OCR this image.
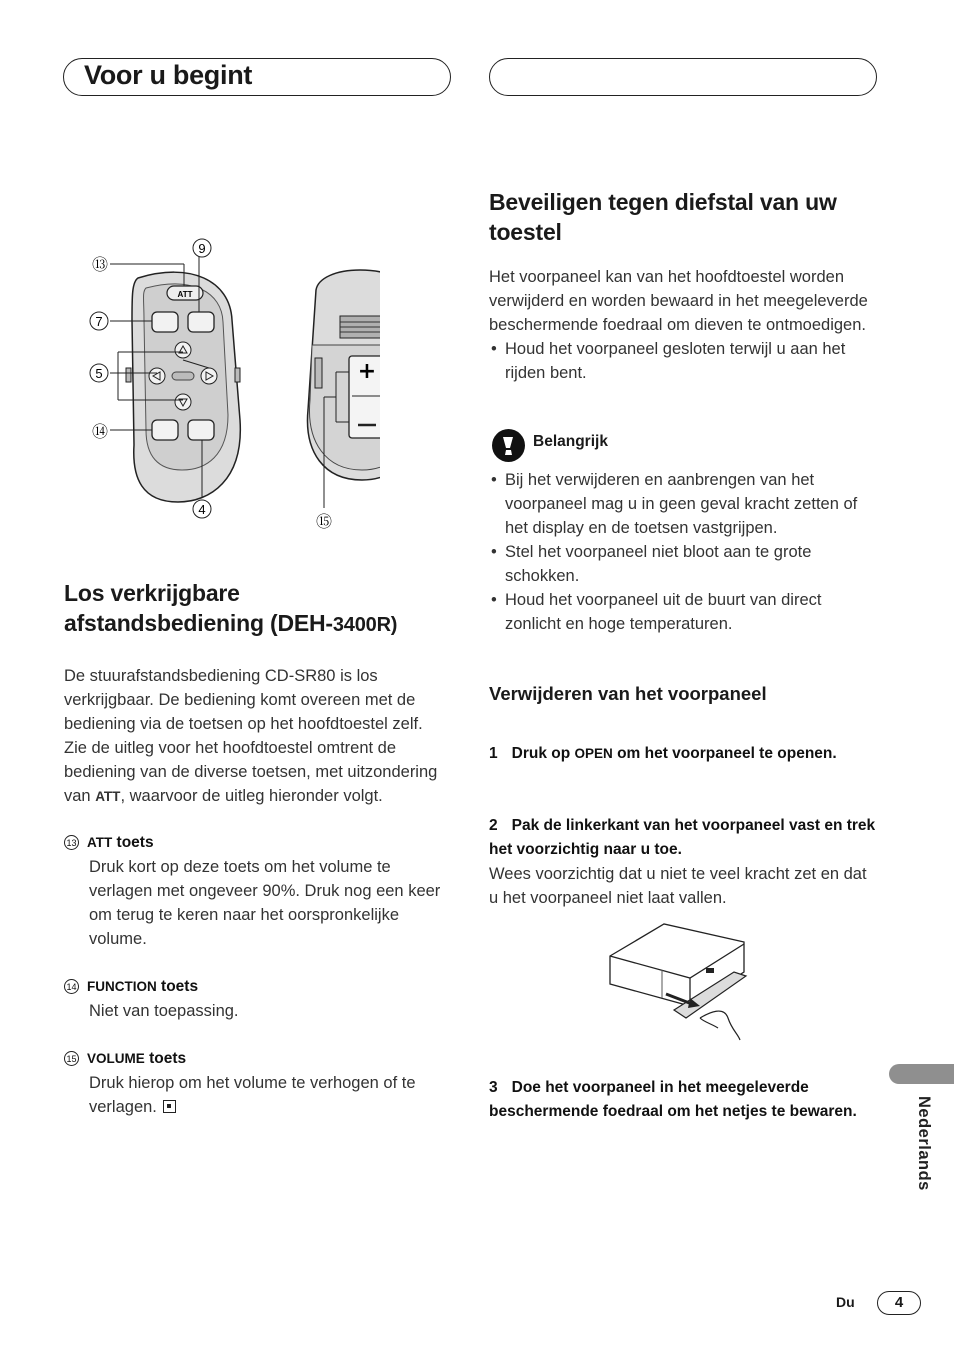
Voor u begint
ATT
⑬
9
7
5
⑭
4
+
⑮
Los verkrijgbare
afstandsbediening (DEH-3400R)
De stuurafstandsbediening CD-SR80 is los verkrijgbaar. De bediening komt overeen met de bediening via de toetsen op het hoofdtoestel zelf. Zie de uitleg voor het hoofdtoestel omtrent de bediening van de diverse toetsen, met uitzondering van ATT, waarvoor de uitleg hieronder volgt.
13 ATT toets
Druk kort op deze toets om het volume te verlagen met ongeveer 90%. Druk nog een keer om terug te keren naar het oorspronkelijke volume.
14 FUNCTION toets
Niet van toepassing.
15 VOLUME toets
Druk hierop om het volume te verhogen of te verlagen.
Beveiligen tegen diefstal van uw toestel
Het voorpaneel kan van het hoofdtoestel worden verwijderd en worden bewaard in het meegeleverde beschermende foedraal om dieven te ontmoedigen.
• Houd het voorpaneel gesloten terwijl u aan het rijden bent.
Belangrijk
• Bij het verwijderen en aanbrengen van het voorpaneel mag u in geen geval kracht zetten of het display en de toetsen vastgrijpen.
• Stel het voorpaneel niet bloot aan te grote schokken.
• Houd het voorpaneel uit de buurt van direct zonlicht en hoge temperaturen.
Verwijderen van het voorpaneel
1 Druk op OPEN om het voorpaneel te openen.
2 Pak de linkerkant van het voorpaneel vast en trek het voorzichtig naar u toe.
Wees voorzichtig dat u niet te veel kracht zet en dat u het voorpaneel niet laat vallen.
3 Doe het voorpaneel in het meegeleverde beschermende foedraal om het netjes te bewaren.	Nederlands
Du	4
